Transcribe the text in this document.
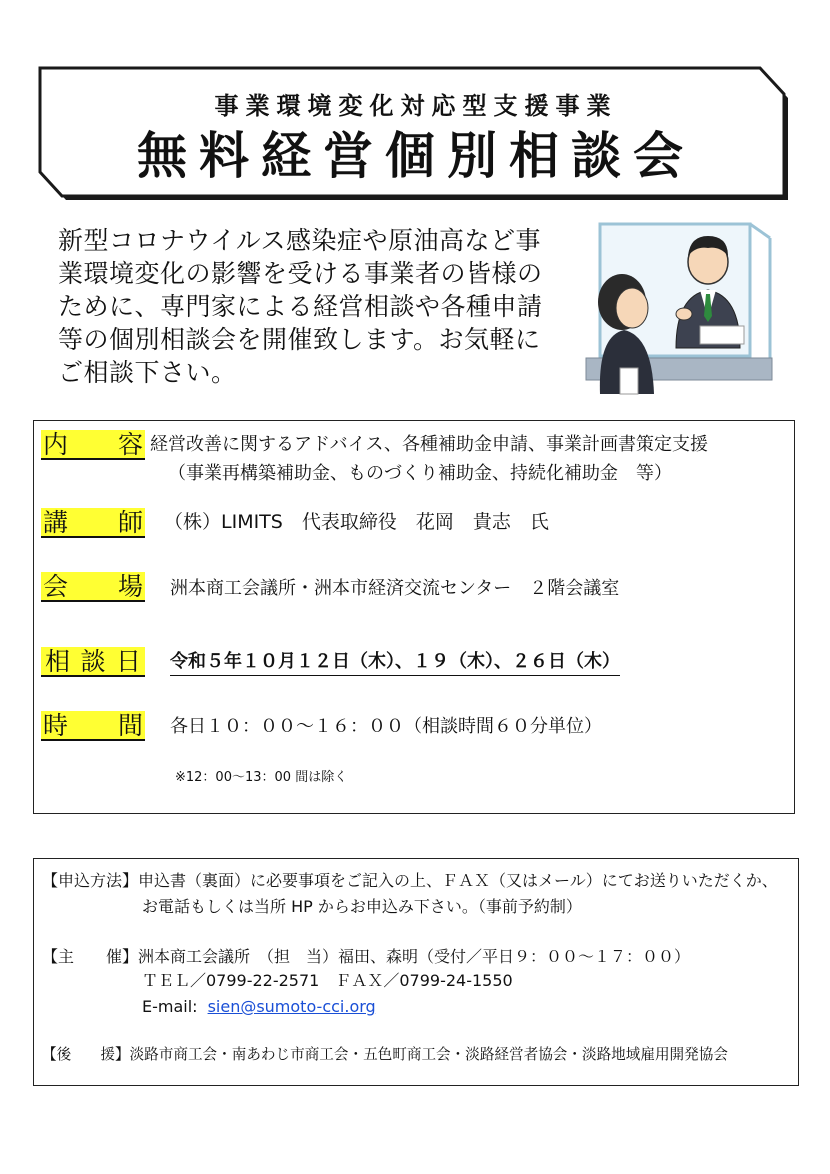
事業環境変化対応型支援事業
無料経営個別相談会
新型コロナウイルス感染症や原油高など事
業環境変化の影響を受ける事業者の皆様の
ために、専門家による経営相談や各種申請
等の個別相談会を開催致します。お気軽に
ご相談下さい。
内 容 経営改善に関するアドバイス、各種補助金申請、事業計画書策定支援
（事業再構築補助金、ものづくり補助金、持続化補助金　等）
講 師 （株）LIMITS　代表取締役　花岡　貴志　氏
会 場 洲本商工会議所・洲本市経済交流センター　２階会議室
相 談 日 令和５年１０月１２日（木）、１９（木）、２６日（木）
時 間 各日１０：００～１６：００（相談時間６０分単位）
※12：00～13：00 間は除く
【申込方法】申込書（裏面）に必要事項をご記入の上、ＦＡＸ（又はメール）にてお送りいただくか、
お電話もしくは当所 HP からお申込み下さい。（事前予約制）
【主　　催】洲本商工会議所　（担　当）福田、森明（受付／平日９：００～１７：００）
ＴＥＬ／0799-22-2571　ＦＡＸ／0799-24-1550
E-mail: sien@sumoto-cci.org
【後　　援】淡路市商工会・南あわじ市商工会・五色町商工会・淡路経営者協会・淡路地域雇用開発協会
